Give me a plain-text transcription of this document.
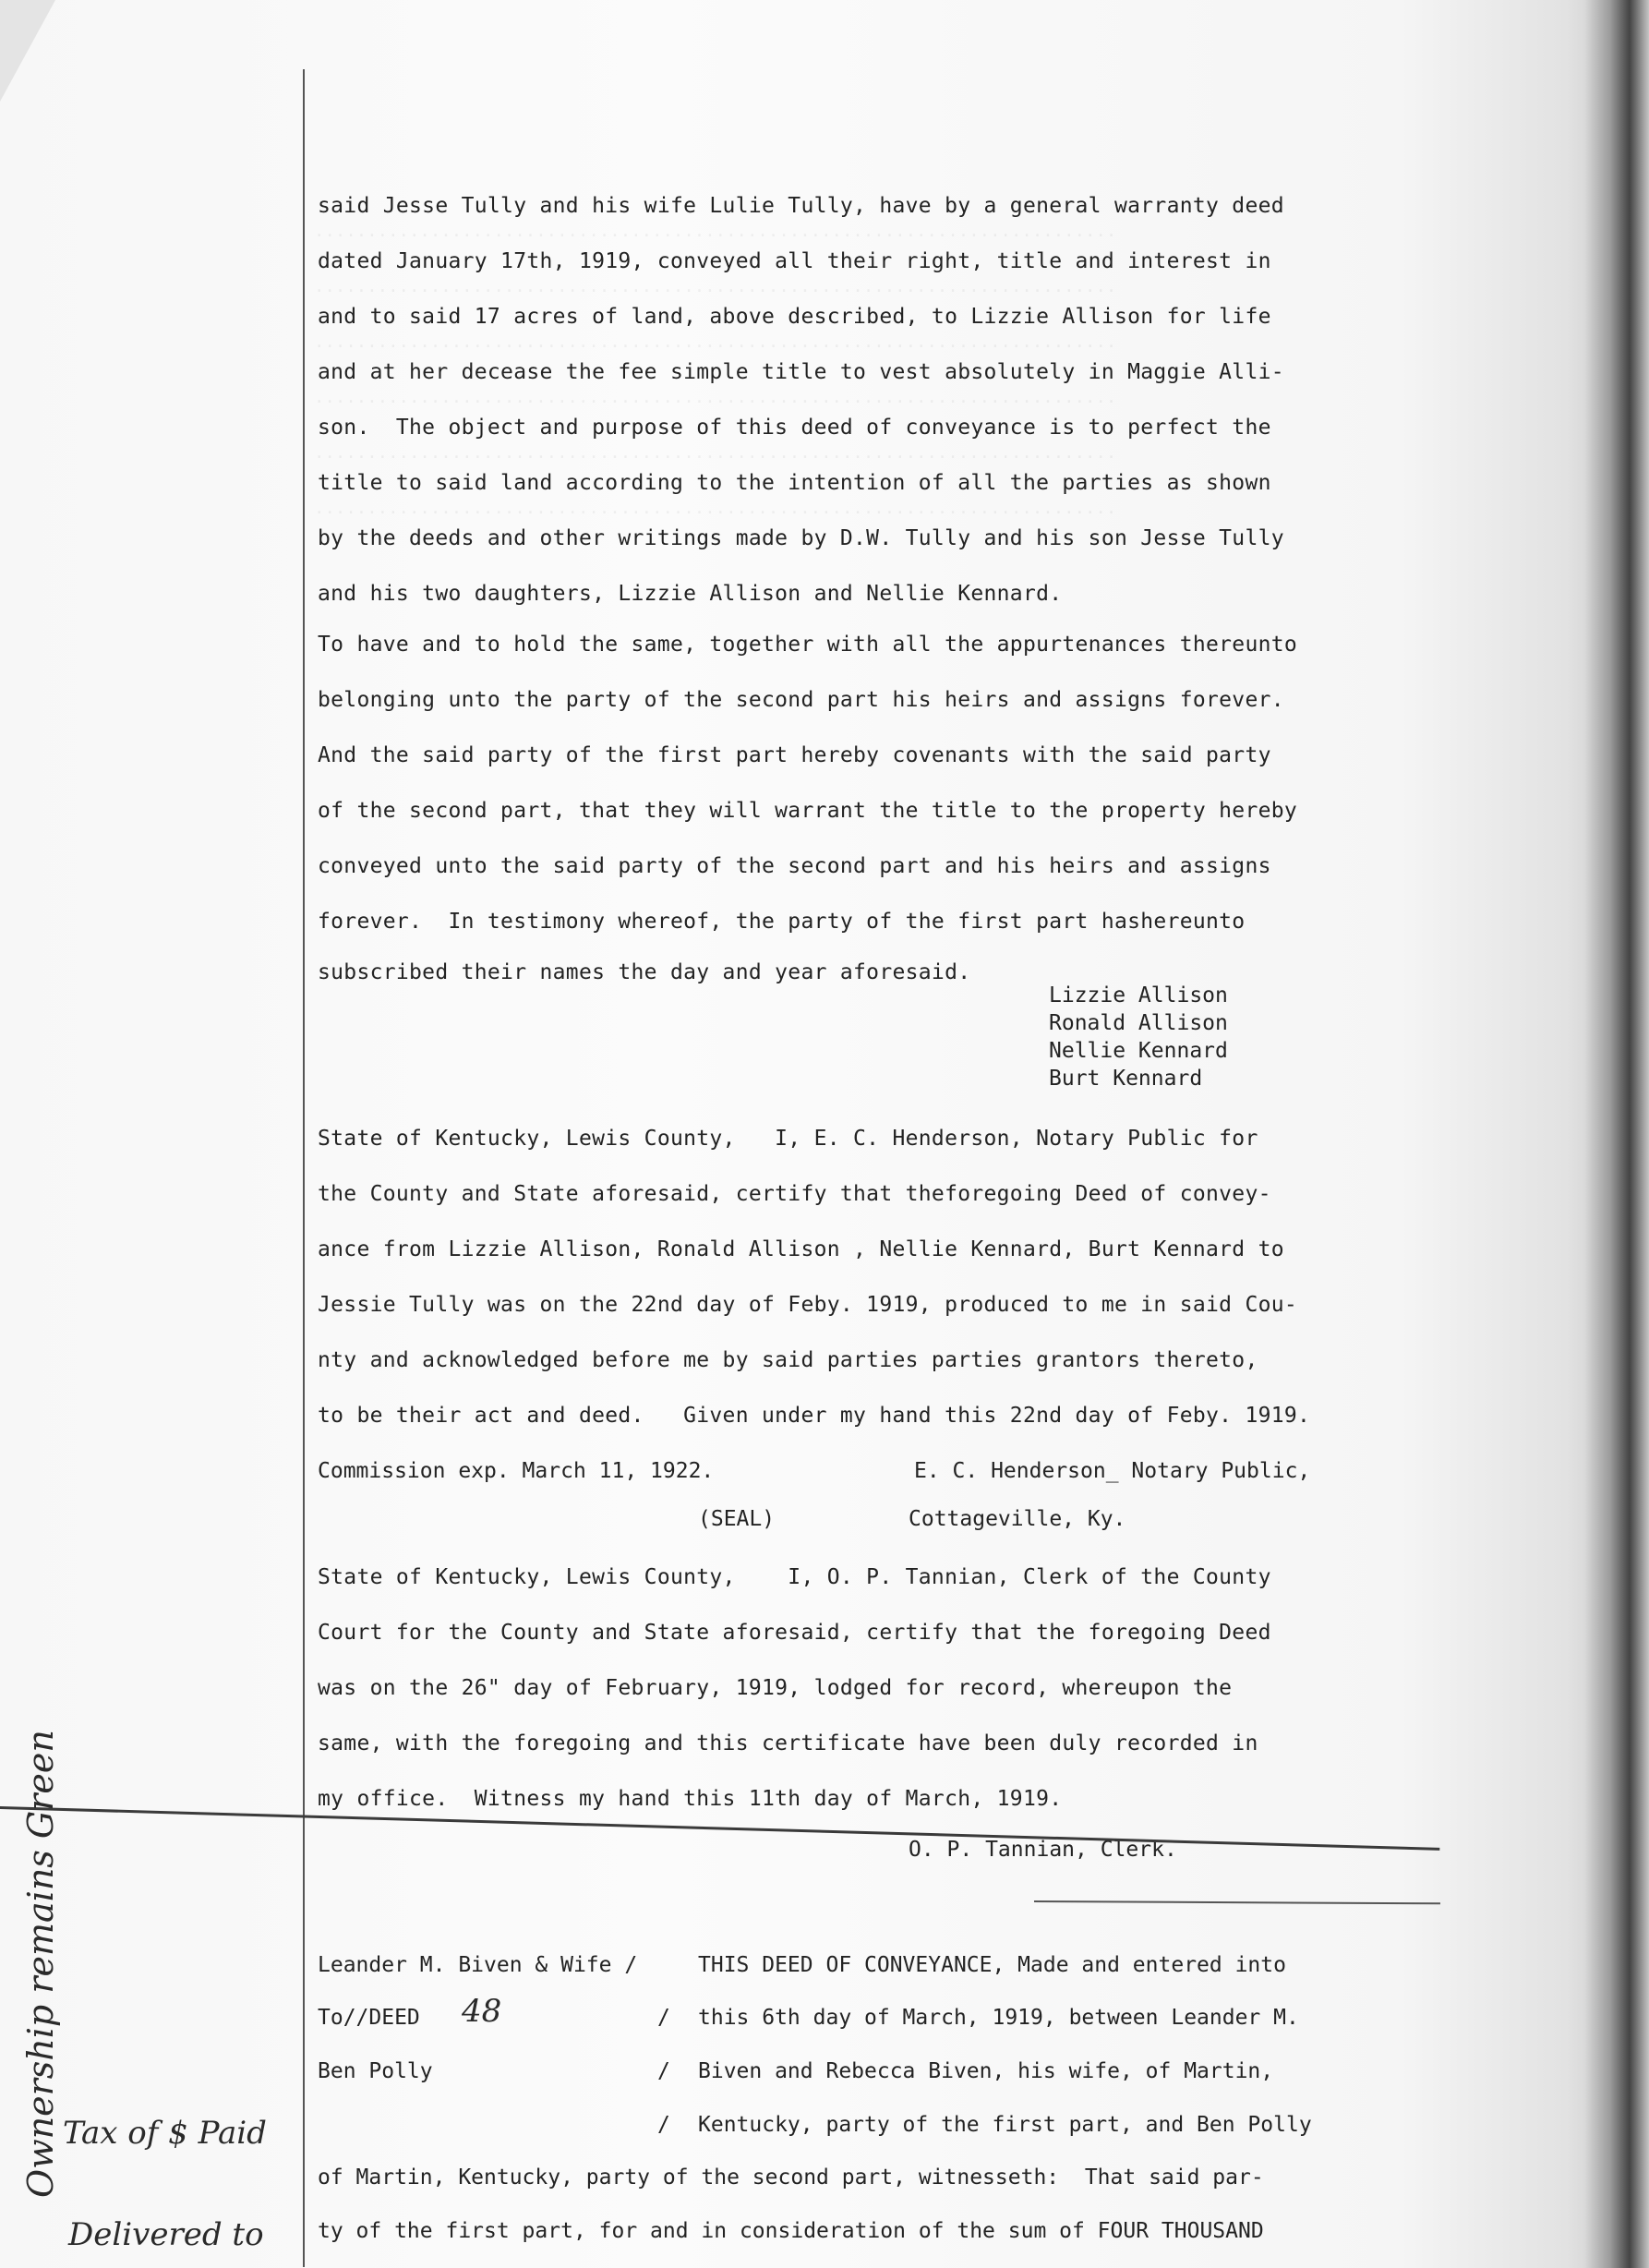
............................................................................
............................................................................
............................................................................
............................................................................
............................................................................
............................................................................
said Jesse Tully and his wife Lulie Tully, have by a general warranty deed
dated January 17th, 1919, conveyed all their right, title and interest in
and to said 17 acres of land, above described, to Lizzie Allison for life
and at her decease the fee simple title to vest absolutely in Maggie Alli-
son.  The object and purpose of this deed of conveyance is to perfect the
title to said land according to the intention of all the parties as shown
by the deeds and other writings made by D.W. Tully and his son Jesse Tully
and his two daughters, Lizzie Allison and Nellie Kennard.
To have and to hold the same, together with all the appurtenances thereunto
belonging unto the party of the second part his heirs and assigns forever.
And the said party of the first part hereby covenants with the said party
of the second part, that they will warrant the title to the property hereby
conveyed unto the said party of the second part and his heirs and assigns
forever.  In testimony whereof, the party of the first part hashereunto
subscribed their names the day and year aforesaid.
Lizzie Allison
Ronald Allison
Nellie Kennard
Burt Kennard
State of Kentucky, Lewis County,   I, E. C. Henderson, Notary Public for
the County and State aforesaid, certify that theforegoing Deed of convey-
ance from Lizzie Allison, Ronald Allison , Nellie Kennard, Burt Kennard to
Jessie Tully was on the 22nd day of Feby. 1919, produced to me in said Cou-
nty and acknowledged before me by said parties parties grantors thereto,
to be their act and deed.   Given under my hand this 22nd day of Feby. 1919.
Commission exp. March 11, 1922.	E. C. Henderson_ Notary Public,
(SEAL)	Cottageville, Ky.
State of Kentucky, Lewis County,    I, O. P. Tannian, Clerk of the County
Court for the County and State aforesaid, certify that the foregoing Deed
was on the 26" day of February, 1919, lodged for record, whereupon the
same, with the foregoing and this certificate have been duly recorded in
my office.  Witness my hand this 11th day of March, 1919.
O. P. Tannian, Clerk.
Leander M. Biven & Wife /
To//DEED 48
Ben Polly
/
/
/
THIS DEED OF CONVEYANCE, Made and entered into
this 6th day of March, 1919, between Leander M.
Biven and Rebecca Biven, his wife, of Martin,
Kentucky, party of the first part, and Ben Polly
of Martin, Kentucky, party of the second part, witnesseth:  That said par-
ty of the first part, for and in consideration of the sum of FOUR THOUSAND
Tax of $ Paid
Delivered to
Ownership remains Green
